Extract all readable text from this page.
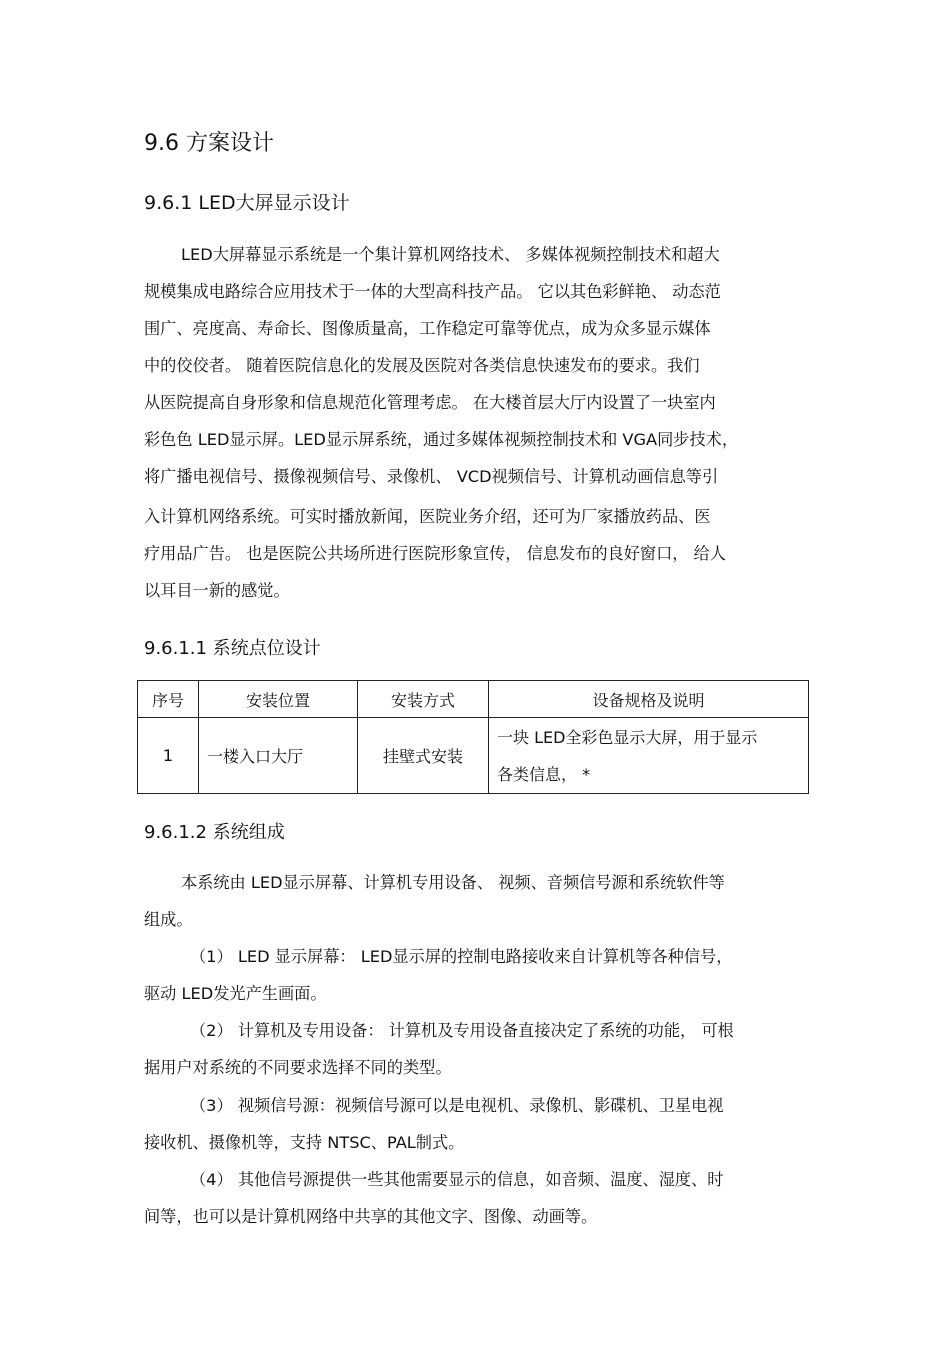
9.6 方案设计
9.6.1 LED大屏显示设计
LED大屏幕显示系统是一个集计算机网络技术、 多媒体视频控制技术和超大
规模集成电路综合应用技术于一体的大型高科技产品。 它以其色彩鲜艳、 动态范
围广、亮度高、寿命长、图像质量高，工作稳定可靠等优点，成为众多显示媒体
中的佼佼者。 随着医院信息化的发展及医院对各类信息快速发布的要求。我们
从医院提高自身形象和信息规范化管理考虑。 在大楼首层大厅内设置了一块室内
彩色色 LED显示屏。LED显示屏系统，通过多媒体视频控制技术和 VGA同步技术，
将广播电视信号、摄像视频信号、录像机、 VCD视频信号、计算机动画信息等引
入计算机网络系统。可实时播放新闻，医院业务介绍，还可为厂家播放药品、医
疗用品广告。 也是医院公共场所进行医院形象宣传， 信息发布的良好窗口， 给人
以耳目一新的感觉。
9.6.1.1 系统点位设计
序号	安装位置	安装方式	设备规格及说明
1	一楼入口大厅	挂壁式安装	一块 LED全彩色显示大屏，用于显示
各类信息， *
9.6.1.2 系统组成
本系统由 LED显示屏幕、计算机专用设备、 视频、音频信号源和系统软件等
组成。
（1） LED 显示屏幕： LED显示屏的控制电路接收来自计算机等各种信号，
驱动 LED发光产生画面。
（2） 计算机及专用设备： 计算机及专用设备直接决定了系统的功能， 可根
据用户对系统的不同要求选择不同的类型。
（3） 视频信号源：视频信号源可以是电视机、录像机、影碟机、卫星电视
接收机、摄像机等，支持 NTSC、PAL制式。
（4） 其他信号源提供一些其他需要显示的信息，如音频、温度、湿度、时
间等，也可以是计算机网络中共享的其他文字、图像、动画等。
